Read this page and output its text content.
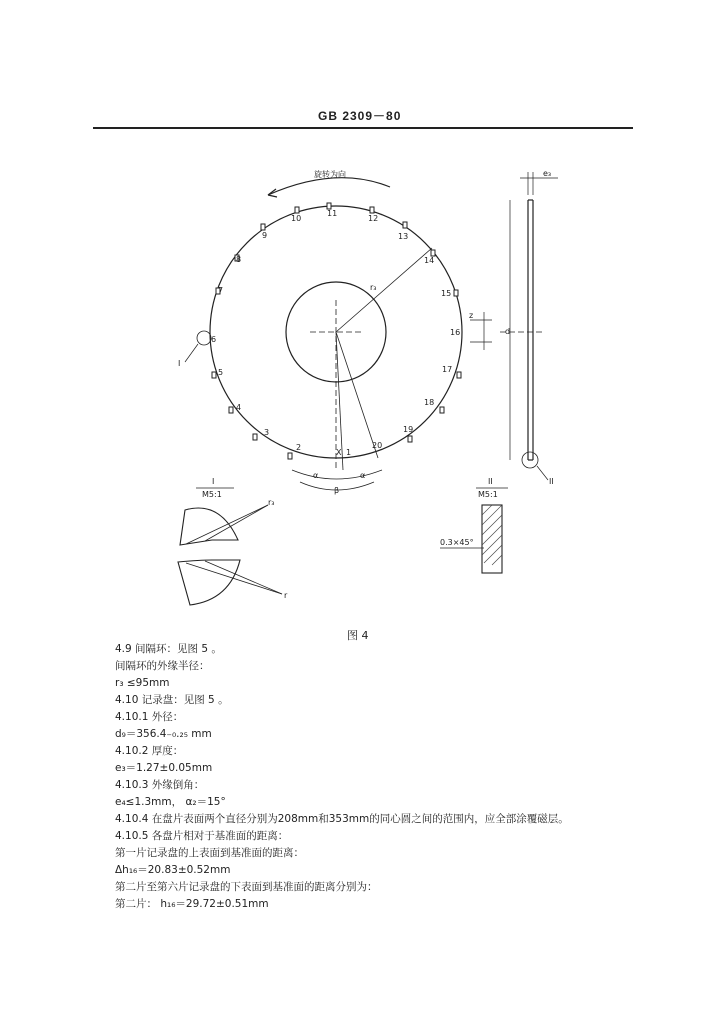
GB 2309－80
旋转为向
1
2
3
4
5
6
7
8
9
10
11
12
13
14
15
16
17
18
19
20
X
r₃
d
e₃
I
II
z
α	α
β
I
M5:1
r₃
r
II
M5:1
0.3×45°
图 4
4.9 间隔环：见图 5 。
间隔环的外缘半径：
r₃ ≤95mm
4.10 记录盘：见图 5 。
4.10.1 外径：
d₉＝356.4₋₀.₂₅ mm
4.10.2 厚度：
e₃＝1.27±0.05mm
4.10.3 外缘倒角：
e₄≤1.3mm， α₂＝15°
4.10.4 在盘片表面两个直径分别为208mm和353mm的同心圆之间的范围内，应全部涂覆磁层。
4.10.5 各盘片相对于基准面的距离：
第一片记录盘的上表面到基准面的距离：
Δh₁₆＝20.83±0.52mm
第二片至第六片记录盘的下表面到基准面的距离分别为：
第二片： h₁₆＝29.72±0.51mm
